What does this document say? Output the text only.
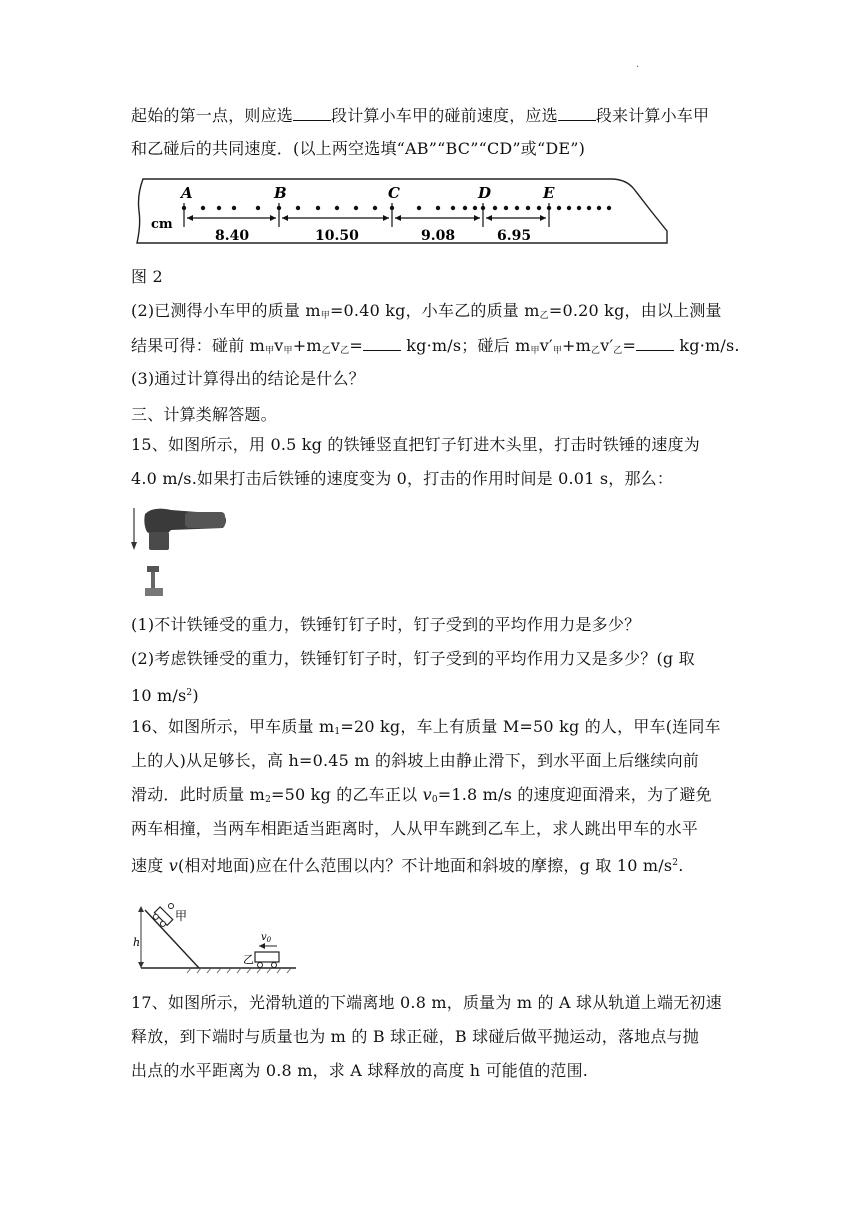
·
起始的第一点，则应选 段计算小车甲的碰前速度，应选 段来计算小车甲
和乙碰后的共同速度．(以上两空选填“AB”“BC”“CD”或“DE”)
cm
A	B	C	D	E
8.40	10.50	9.08	6.95
图 2
(2)已测得小车甲的质量 $m_甲=0.40$ kg，小车乙的质量 $m_乙=0.20$ kg，由以上测量
结果可得：碰前 $m_甲v_甲+m_乙v_乙=$	kg·m/s；碰后 $m_甲v'_甲+m_乙v'_乙=$	kg·m/s.
(3)通过计算得出的结论是什么？
三、计算类解答题。
15、如图所示，用 0.5 kg 的铁锤竖直把钉子钉进木头里，打击时铁锤的速度为
4.0 m/s.如果打击后铁锤的速度变为 0，打击的作用时间是 0.01 s，那么：
(1)不计铁锤受的重力，铁锤钉钉子时，钉子受到的平均作用力是多少？
(2)考虑铁锤受的重力，铁锤钉钉子时，钉子受到的平均作用力又是多少？(g 取
10 $m/s^2$)
16、如图所示，甲车质量 $m_1=20$ kg，车上有质量 M=50 kg 的人，甲车(连同车
上的人)从足够长，高 h=0.45 m 的斜坡上由静止滑下，到水平面上后继续向前
滑动．此时质量 $m_2=50$ kg 的乙车正以 $v_0=1.8$ m/s 的速度迎面滑来，为了避免
两车相撞，当两车相距适当距离时，人从甲车跳到乙车上，求人跳出甲车的水平
速度 v(相对地面)应在什么范围以内？不计地面和斜坡的摩擦，g 取 10 $m/s^2$.
h
甲
$v_0$
乙
17、如图所示，光滑轨道的下端离地 0.8 m，质量为 m 的 A 球从轨道上端无初速
释放，到下端时与质量也为 m 的 B 球正碰，B 球碰后做平抛运动，落地点与抛
出点的水平距离为 0.8 m，求 A 球释放的高度 h 可能值的范围.
